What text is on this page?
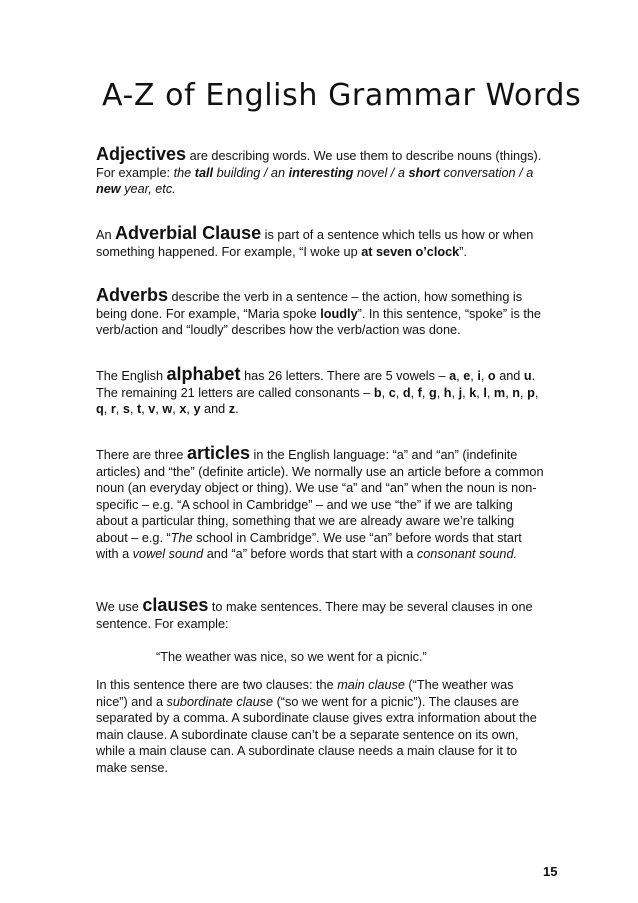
A-Z of English Grammar Words

Adjectives are describing words. We use them to describe nouns (things). For example: the tall building / an interesting novel / a short conversation / a new year, etc.

An Adverbial Clause is part of a sentence which tells us how or when something happened. For example, “I woke up at seven o’clock”.

Adverbs describe the verb in a sentence – the action, how something is being done. For example, “Maria spoke loudly”. In this sentence, “spoke” is the verb/action and “loudly” describes how the verb/action was done.

The English alphabet has 26 letters. There are 5 vowels – a, e, i, o and u.
The remaining 21 letters are called consonants – b, c, d, f, g, h, j, k, l, m, n, p, q, r, s, t, v, w, x, y and z.

There are three articles in the English language: “a” and “an” (indefinite articles) and “the” (definite article). We normally use an article before a common noun (an everyday object or thing). We use “a” and “an” when the noun is non-specific – e.g. “A school in Cambridge” – and we use “the” if we are talking about a particular thing, something that we are already aware we’re talking about – e.g. “The school in Cambridge”. We use “an” before words that start with a vowel sound and “a” before words that start with a consonant sound.

We use clauses to make sentences. There may be several clauses in one sentence. For example:

“The weather was nice, so we went for a picnic.”

In this sentence there are two clauses: the main clause (“The weather was nice”) and a subordinate clause (“so we went for a picnic”). The clauses are separated by a comma. A subordinate clause gives extra information about the main clause. A subordinate clause can’t be a separate sentence on its own, while a main clause can. A subordinate clause needs a main clause for it to make sense.

15
